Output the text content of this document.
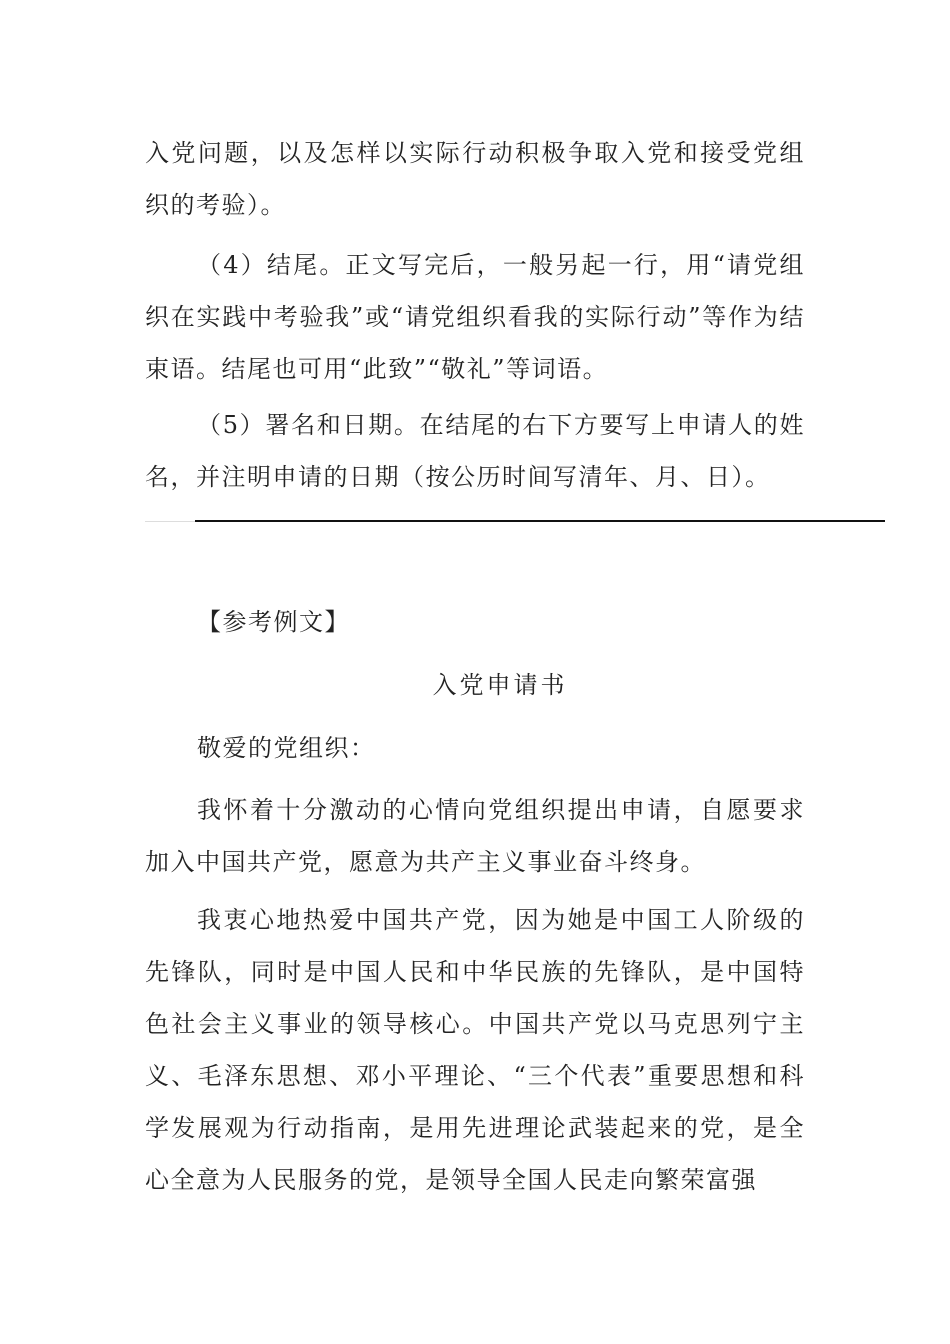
入党问题，以及怎样以实际行动积极争取入党和接受党组织的考验）。

（4）结尾。正文写完后，一般另起一行，用“请党组织在实践中考验我”或“请党组织看我的实际行动”等作为结束语。结尾也可用“此致”“敬礼”等词语。

（5）署名和日期。在结尾的右下方要写上申请人的姓名，并注明申请的日期（按公历时间写清年、月、日）。

【参考例文】

入党申请书

敬爱的党组织：

我怀着十分激动的心情向党组织提出申请，自愿要求加入中国共产党，愿意为共产主义事业奋斗终身。

我衷心地热爱中国共产党，因为她是中国工人阶级的先锋队，同时是中国人民和中华民族的先锋队，是中国特色社会主义事业的领导核心。中国共产党以马克思列宁主义、毛泽东思想、邓小平理论、“三个代表”重要思想和科学发展观为行动指南，是用先进理论武装起来的党，是全心全意为人民服务的党，是领导全国人民走向繁荣富强
